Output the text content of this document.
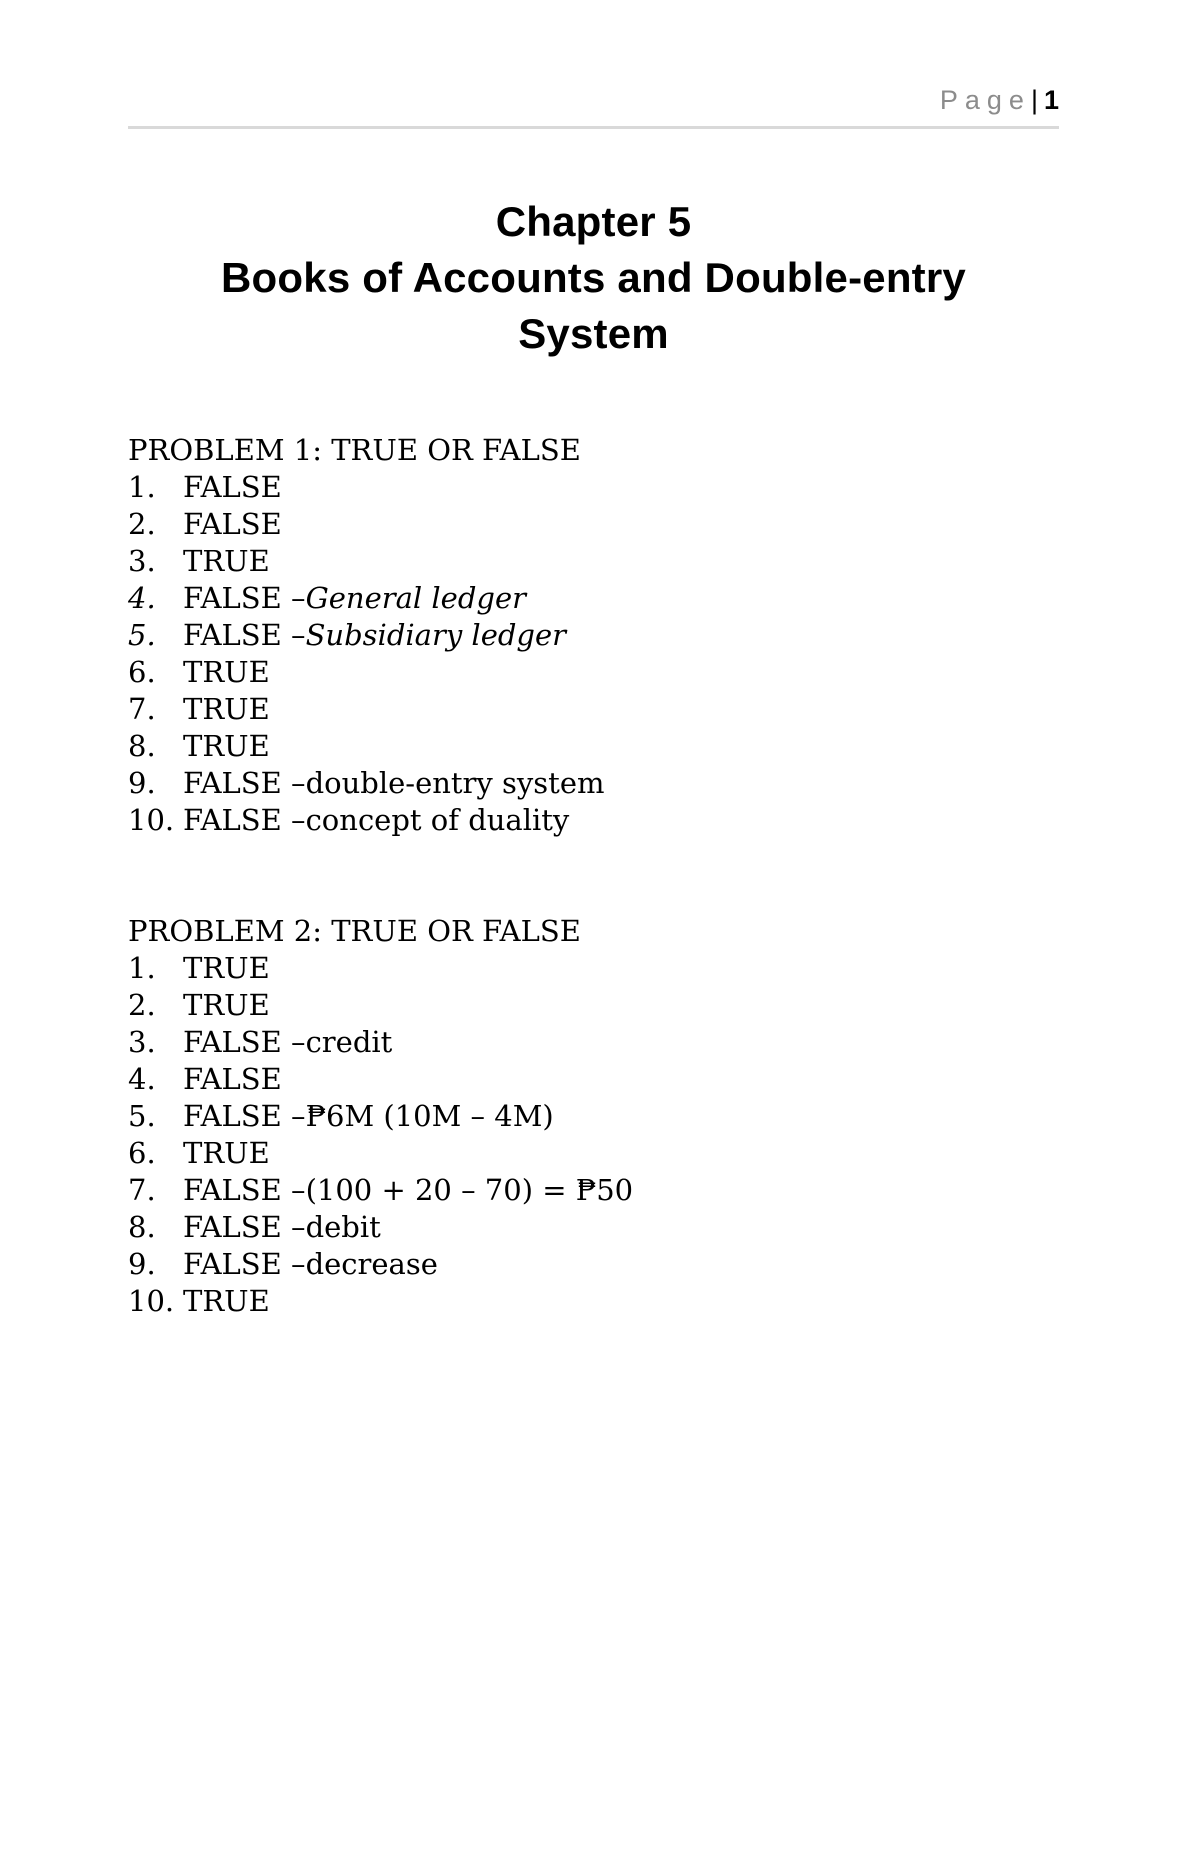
Page| 1
Chapter 5
Books of Accounts and Double-entry
System
PROBLEM 1: TRUE OR FALSE
1. FALSE
2. FALSE
3. TRUE
4. FALSE – General ledger
5. FALSE – Subsidiary ledger
6. TRUE
7. TRUE
8. TRUE
9. FALSE – double-entry system
10. FALSE – concept of duality
PROBLEM 2: TRUE OR FALSE
1. TRUE
2. TRUE
3. FALSE – credit
4. FALSE
5. FALSE – ₱6M (10M – 4M)
6. TRUE
7. FALSE – (100 + 20 – 70) = ₱50
8. FALSE – debit
9. FALSE – decrease
10. TRUE
